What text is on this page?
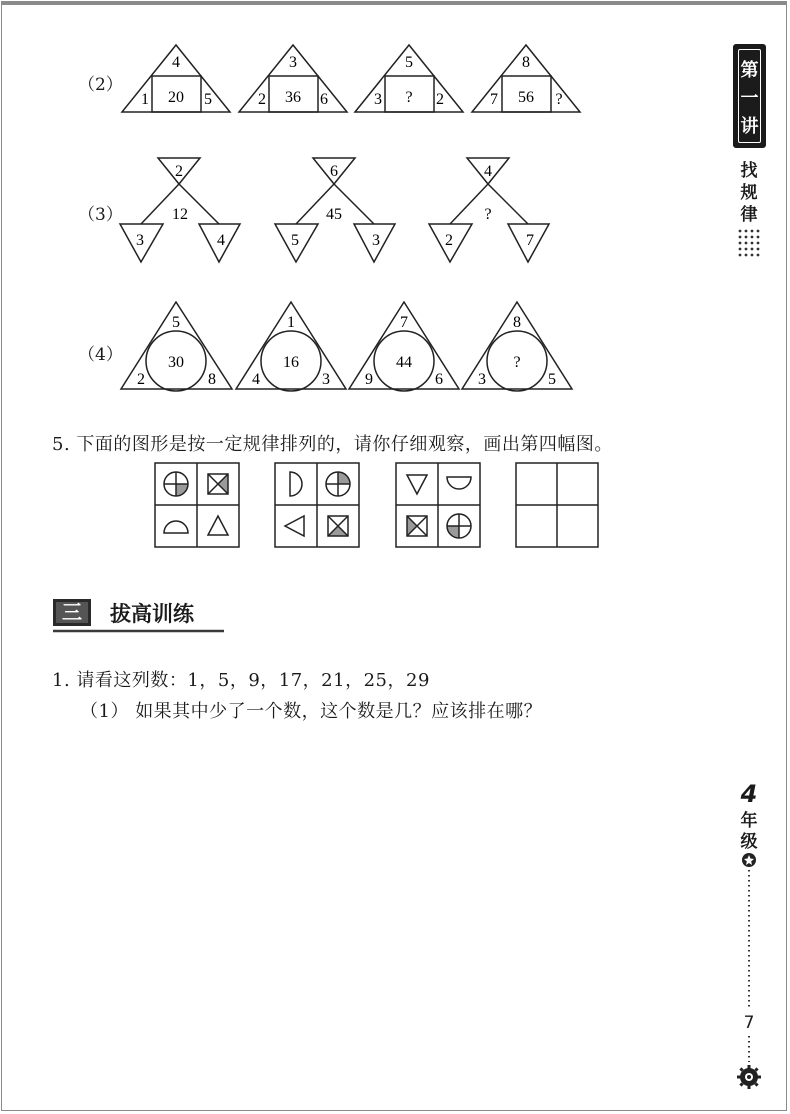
（2）
4
20
1	5
3
36
2	6
5
?
3	2
8
56
7	?
2
12
3	4
6
45
5	3
4
?
2	7
5
30
2	8
1
16
4	3
7
44
9	6
8
?
3	5
（3）
（4）
5. 下面的图形是按一定规律排列的，请你仔细观察，画出第四幅图。
三	拔高训练
1. 请看这列数：1，5，9，17，21，25，29
（1） 如果其中少了一个数，这个数是几？应该排在哪？
第
一
讲
找
规
律
4
年
级
7
